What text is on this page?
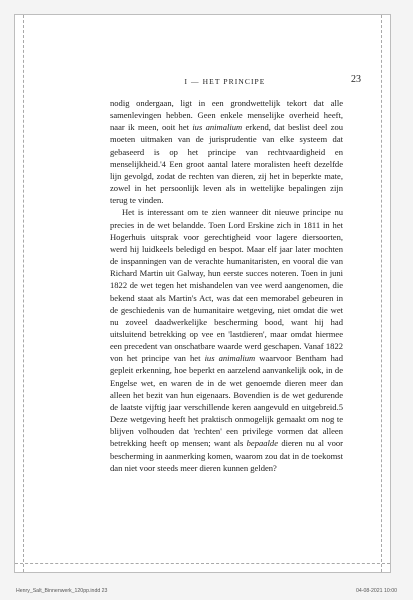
I — HET PRINCIPE	23

nodig ondergaan, ligt in een grondwettelijk tekort dat alle samenlevingen hebben. Geen enkele menselijke overheid heeft, naar ik meen, ooit het ius animalium erkend, dat beslist deel zou moeten uitmaken van de jurisprudentie van elke systeem dat gebaseerd is op het principe van rechtvaardigheid en menselijkheid.'4 Een groot aantal latere moralisten heeft dezelfde lijn gevolgd, zodat de rechten van dieren, zij het in beperkte mate, zowel in het persoonlijk leven als in wettelijke bepalingen zijn terug te vinden.

Het is interessant om te zien wanneer dit nieuwe principe nu precies in de wet belandde. Toen Lord Erskine zich in 1811 in het Hogerhuis uitsprak voor gerechtigheid voor lagere diersoorten, werd hij luidkeels beledigd en bespot. Maar elf jaar later mochten de inspanningen van de verachte humanitaristen, en vooral die van Richard Martin uit Galway, hun eerste succes noteren. Toen in juni 1822 de wet tegen het mishandelen van vee werd aangenomen, die bekend staat als Martin's Act, was dat een memorabel gebeuren in de geschiedenis van de humanitaire wetgeving, niet omdat die wet nu zoveel daadwerkelijke bescherming bood, want hij had uitsluitend betrekking op vee en 'lastdieren', maar omdat hiermee een precedent van onschatbare waarde werd geschapen. Vanaf 1822 von het principe van het ius animalium waarvoor Bentham had gepleit erkenning, hoe beperkt en aarzelend aanvankelijk ook, in de Engelse wet, en waren de in de wet genoemde dieren meer dan alleen het bezit van hun eigenaars. Bovendien is de wet gedurende de laatste vijftig jaar verschillende keren aangevuld en uitgebreid.5 Deze wetgeving heeft het praktisch onmogelijk gemaakt om nog te blijven volhouden dat 'rechten' een privilege vormen dat alleen betrekking heeft op mensen; want als bepaalde dieren nu al voor bescherming in aanmerking komen, waarom zou dat in de toekomst dan niet voor steeds meer dieren kunnen gelden?

Henry_Salt_Binnenwerk_120pp.indd 23	04-08-2021 10:00
